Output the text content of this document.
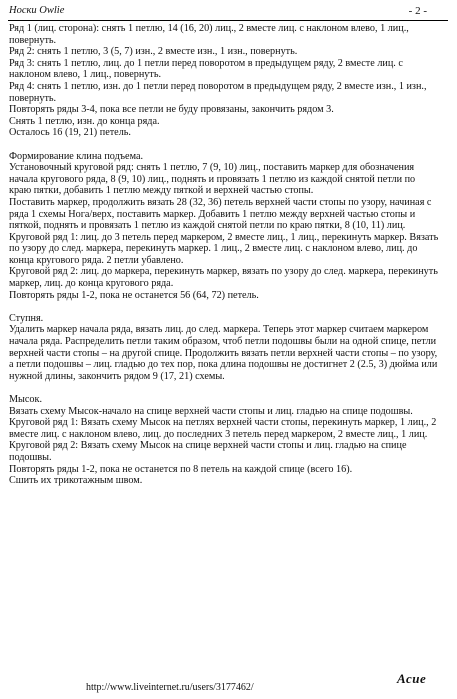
Носки Owlie	- 2 -

Ряд 1 (лиц. сторона): снять 1 петлю, 14 (16, 20) лиц., 2 вместе лиц. с наклоном влево, 1 лиц., повернуть.

Ряд 2: снять 1 петлю, 3 (5, 7) изн., 2 вместе изн., 1 изн., повернуть.

Ряд 3: снять 1 петлю, лиц. до 1 петли перед поворотом в предыдущем ряду, 2 вместе лиц. с наклоном влево, 1 лиц., повернуть.

Ряд 4: снять 1 петлю, изн. до 1 петли перед поворотом в предыдущем ряду, 2 вместе изн., 1 изн., повернуть.

Повторять ряды 3-4, пока все петли не буду провязаны, закончить рядом 3.

Снять 1 петлю, изн. до конца ряда.

Осталось 16 (19, 21) петель.

Формирование клина подъема.

Установочный круговой ряд: снять 1 петлю, 7 (9, 10) лиц., поставить маркер для обозначения начала кругового ряда, 8 (9, 10) лиц., поднять и провязать 1 петлю из каждой снятой петли по краю пятки, добавить 1 петлю между пяткой и верхней частью стопы.

Поставить маркер, продолжить вязать 28 (32, 36) петель верхней части стопы по узору, начиная с ряда 1 схемы Нога/верх, поставить маркер. Добавить 1 петлю между верхней частью стопы и пяткой, поднять и провязать 1 петлю из каждой снятой петли по краю пятки, 8 (10, 11) лиц.

Круговой ряд 1: лиц. до 3 петель перед маркером, 2 вместе лиц., 1 лиц., перекинуть маркер. Вязать по узору до след. маркера, перекинуть маркер. 1 лиц., 2 вместе лиц. с наклоном влево, лиц. до конца кругового ряда. 2 петли убавлено.

Круговой ряд 2: лиц. до маркера, перекинуть маркер, вязать по узору до след. маркера, перекинуть маркер, лиц. до конца кругового ряда.

Повторять ряды 1-2, пока не останется 56 (64, 72) петель.

Ступня.

Удалить маркер начала ряда, вязать лиц. до след. маркера. Теперь этот маркер считаем маркером начала ряда. Распределить петли таким образом, чтоб петли подошвы были на одной спице, петли верхней части стопы – на другой спице. Продолжить вязать петли верхней части стопы – по узору, а петли подошвы – лиц. гладью до тех пор, пока длина подошвы не достигнет 2 (2.5, 3) дюйма или нужной длины, закончить рядом 9 (17, 21) схемы.

Мысок.

Вязать схему Мысок-начало на спице верхней части стопы и лиц. гладью на спице подошвы.

Круговой ряд 1: Вязать схему Мысок на петлях верхней части стопы, перекинуть маркер, 1 лиц., 2 вместе лиц. с наклоном влево, лиц. до последних 3 петель перед маркером, 2 вместе лиц., 1 лиц.

Круговой ряд 2: Вязать схему Мысок на спице верхней части стопы и лиц. гладью на спице подошвы.

Повторять ряды 1-2, пока не останется по 8 петель на каждой спице (всего 16).

Сшить их трикотажным швом.

http://www.liveinternet.ru/users/3177462/
Асие
